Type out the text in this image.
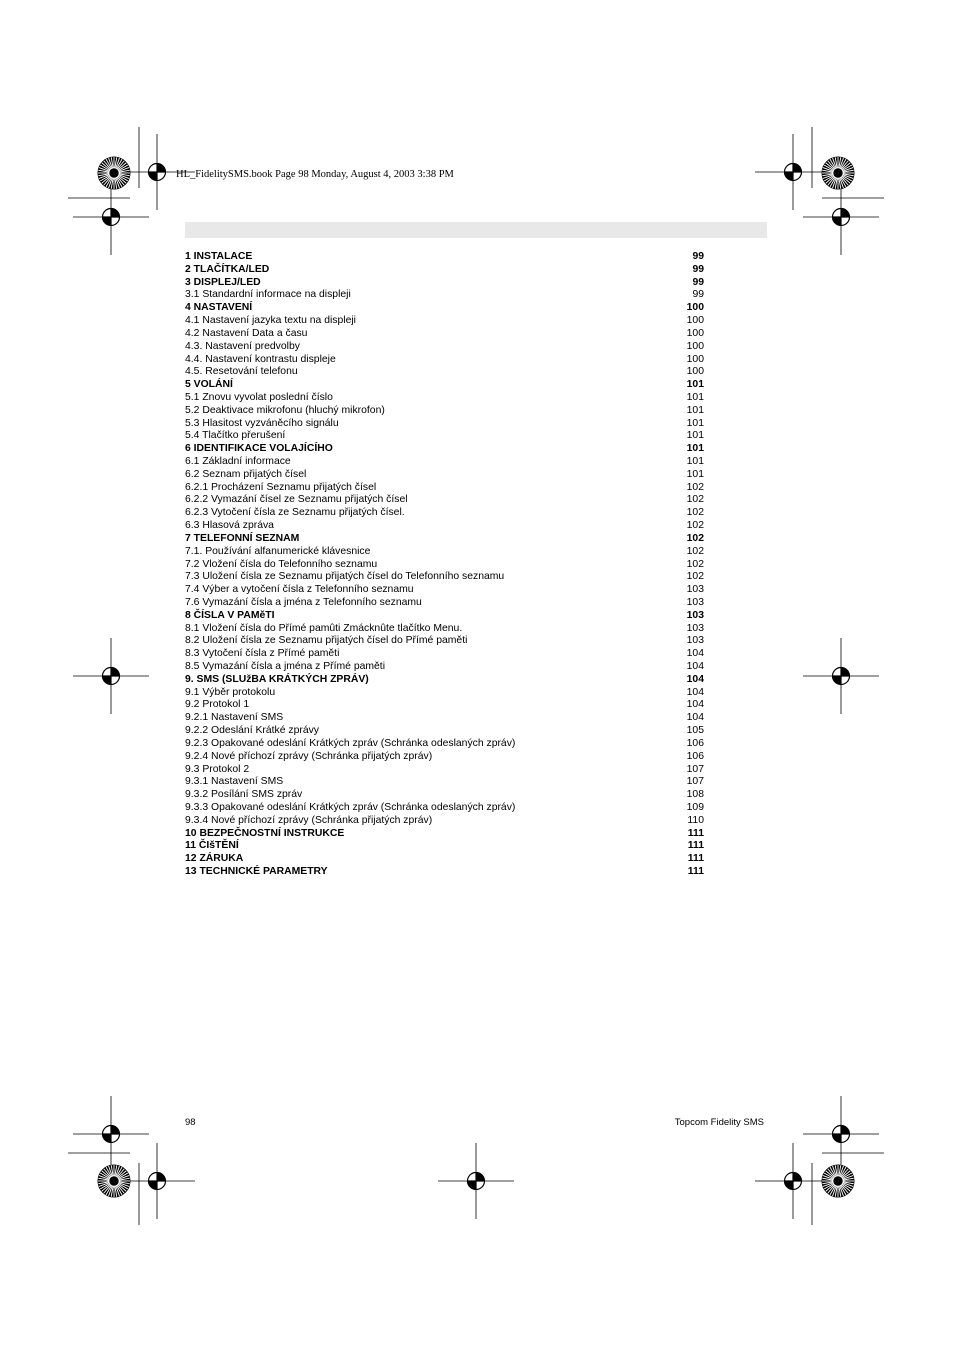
HL_FidelitySMS.book Page 98 Monday, August 4, 2003 3:38 PM
1 INSTALACE	99
2 TLAČÍTKA/LED	99
3 DISPLEJ/LED	99
3.1 Standardní informace na displeji	99
4 NASTAVENÍ	100
4.1 Nastavení jazyka textu na displeji	100
4.2 Nastavení Data a času	100
4.3. Nastavení predvolby	100
4.4. Nastavení kontrastu displeje	100
4.5. Resetování telefonu	100
5 VOLÁNÍ	101
5.1 Znovu vyvolat poslední číslo	101
5.2 Deaktivace mikrofonu (hluchý mikrofon)	101
5.3 Hlasitost vyzváněcího signálu	101
5.4 Tlačítko přerušení	101
6 IDENTIFIKACE VOLAJÍCÍHO	101
6.1 Základní informace	101
6.2 Seznam přijatých čísel	101
6.2.1 Procházení Seznamu přijatých čísel	102
6.2.2 Vymazání čísel ze Seznamu přijatých čísel	102
6.2.3 Vytočení čísla ze Seznamu přijatých čísel.	102
6.3 Hlasová zpráva	102
7 TELEFONNÍ SEZNAM	102
7.1. Používání alfanumerické klávesnice	102
7.2 Vložení čísla do Telefonního seznamu	102
7.3 Uložení čísla ze Seznamu přijatých čísel do Telefonního seznamu	102
7.4 Výber a vytočení čísla z Telefonního seznamu	103
7.6 Vymazání čísla a jména z Telefonního seznamu	103
8 ČÍSLA V PAMěTI	103
8.1 Vložení čísla do Přímé pamûti Zmácknûte tlačítko Menu.	103
8.2 Uložení čísla ze Seznamu přijatých čísel do Přímé paměti	103
8.3 Vytočení čísla z Přímé paměti	104
8.5 Vymazání čísla a jména z Přímé paměti	104
9. SMS (SLUžBA KRÁTKÝCH ZPRÁV)	104
9.1 Výběr protokolu	104
9.2 Protokol 1	104
9.2.1 Nastavení SMS	104
9.2.2 Odeslání Krátké zprávy	105
9.2.3 Opakované odeslání Krátkých zpráv (Schránka odeslaných zpráv)	106
9.2.4 Nové příchozí zprávy (Schránka přijatých zpráv)	106
9.3 Protokol 2	107
9.3.1 Nastavení SMS	107
9.3.2 Posílání SMS zpráv	108
9.3.3 Opakované odeslání Krátkých zpráv (Schránka odeslaných zpráv)	109
9.3.4 Nové příchozí zprávy (Schránka přijatých zpráv)	110
10 BEZPEČNOSTNÍ INSTRUKCE	111
11 ČIšTĚNÍ	111
12 ZÁRUKA	111
13 TECHNICKÉ PARAMETRY	111
98	Topcom Fidelity SMS
